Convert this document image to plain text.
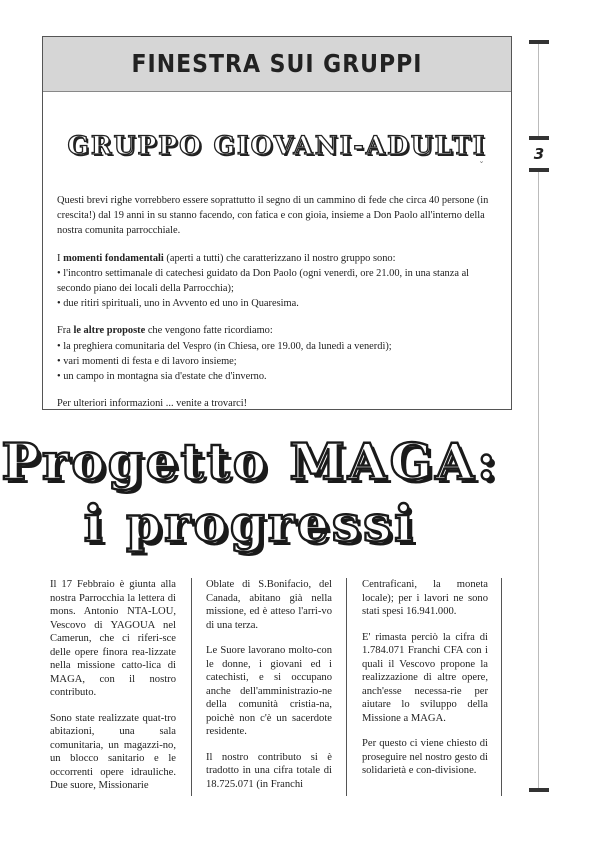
FINESTRA SUI GRUPPI
GRUPPO GIOVANI-ADULTI
ˇ

Questi brevi righe vorrebbero essere soprattutto il segno di un cammino di fede che circa 40 persone (in crescita!) dal 19 anni in su stanno facendo, con fatica e con gioia, insieme a Don Paolo all'interno della nostra comunita parrocchiale.

I momenti fondamentali (aperti a tutti) che caratterizzano il nostro gruppo sono:
• l'incontro settimanale di catechesi guidato da Don Paolo (ogni venerdì, ore 21.00, in una stanza al secondo piano dei locali della Parrocchia);
• due ritiri spirituali, uno in Avvento ed uno in Quaresima.

Fra le altre proposte che vengono fatte ricordiamo:
• la preghiera comunitaria del Vespro (in Chiesa, ore 19.00, da lunedì a venerdì);
• vari momenti di festa e di lavoro insieme;
• un campo in montagna sia d'estate che d'inverno.

Per ulteriori informazioni ... venite a trovarci!

Progetto MAGA:
i progressi

Il 17 Febbraio è giunta alla nostra Parrocchia la lettera di mons. Antonio NTA-LOU, Vescovo di YAGOUA nel Camerun, che ci riferi-sce delle opere finora rea-lizzate nella missione catto-lica di MAGA, con il nostro contributo.

Sono state realizzate quat-tro abitazioni, una sala comunitaria, un magazzi-no, un blocco sanitario e le occorrenti opere idrauliche. Due suore, Missionarie

Oblate di S.Bonifacio, del Canada, abitano già nella missione, ed è atteso l'arri-vo di una terza.

Le Suore lavorano molto-con le donne, i giovani ed i catechisti, e si occupano anche dell'amministrazio-ne della comunità cristia-na, poichè non c'è un sacerdote residente.

Il nostro contributo si è tradotto in una cifra totale di 18.725.071 (in Franchi

Centraficani, la moneta locale); per i lavori ne sono stati spesi 16.941.000.

E' rimasta perciò la cifra di 1.784.071 Franchi CFA con i quali il Vescovo propone la realizzazione di altre opere, anch'esse necessa-rie per aiutare lo sviluppo della Missione a MAGA.

Per questo ci viene chiesto di proseguire nel nostro gesto di solidarietà e con-divisione.

3
